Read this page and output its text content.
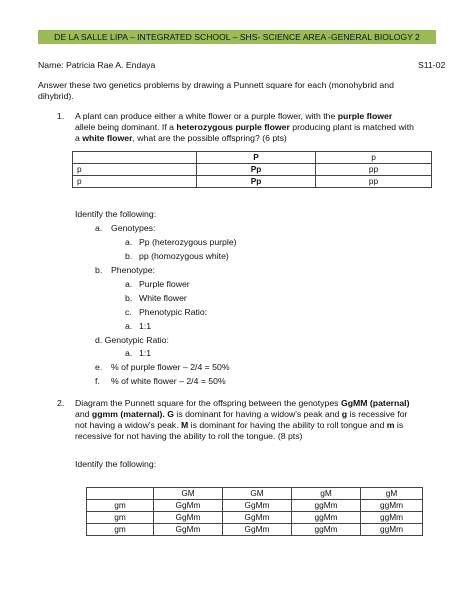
DE LA SALLE LIPA – INTEGRATED SCHOOL – SHS- SCIENCE AREA -GENERAL BIOLOGY 2
Name: Patricia Rae A. Endaya	S11-02
Answer these two genetics problems by drawing a Punnett square for each (monohybrid and
dihybrid).
1. A plant can produce either a white flower or a purple flower, with the purple flower
allele being dominant. If a heterozygous purple flower producing plant is matched with
a white flower, what are the possible offspring? (6 pts)
	P	p
p	Pp	pp
p	Pp	pp
Identify the following:
a. Genotypes:
a. Pp (heterozygous purple)
b. pp (homozygous white)
b. Phenotype:
a. Purple flower
b. White flower
c. Phenotypic Ratio:
a. 1:1
d. Genotypic Ratio:
a. 1:1
e. % of purple flower – 2/4 = 50%
f. % of white flower – 2/4 = 50%
2. Diagram the Punnett square for the offspring between the genotypes GgMM (paternal)
and ggmm (maternal). G is dominant for having a widow's peak and g is recessive for
not having a widow's peak. M is dominant for having the ability to roll tongue and m is
recessive for not having the ability to roll the tongue. (8 pts)
Identify the following:
	GM	GM	gM	gM
gm	GgMm	GgMm	ggMm	ggMm
gm	GgMm	GgMm	ggMm	ggMm
gm	GgMm	GgMm	ggMm	ggMm
